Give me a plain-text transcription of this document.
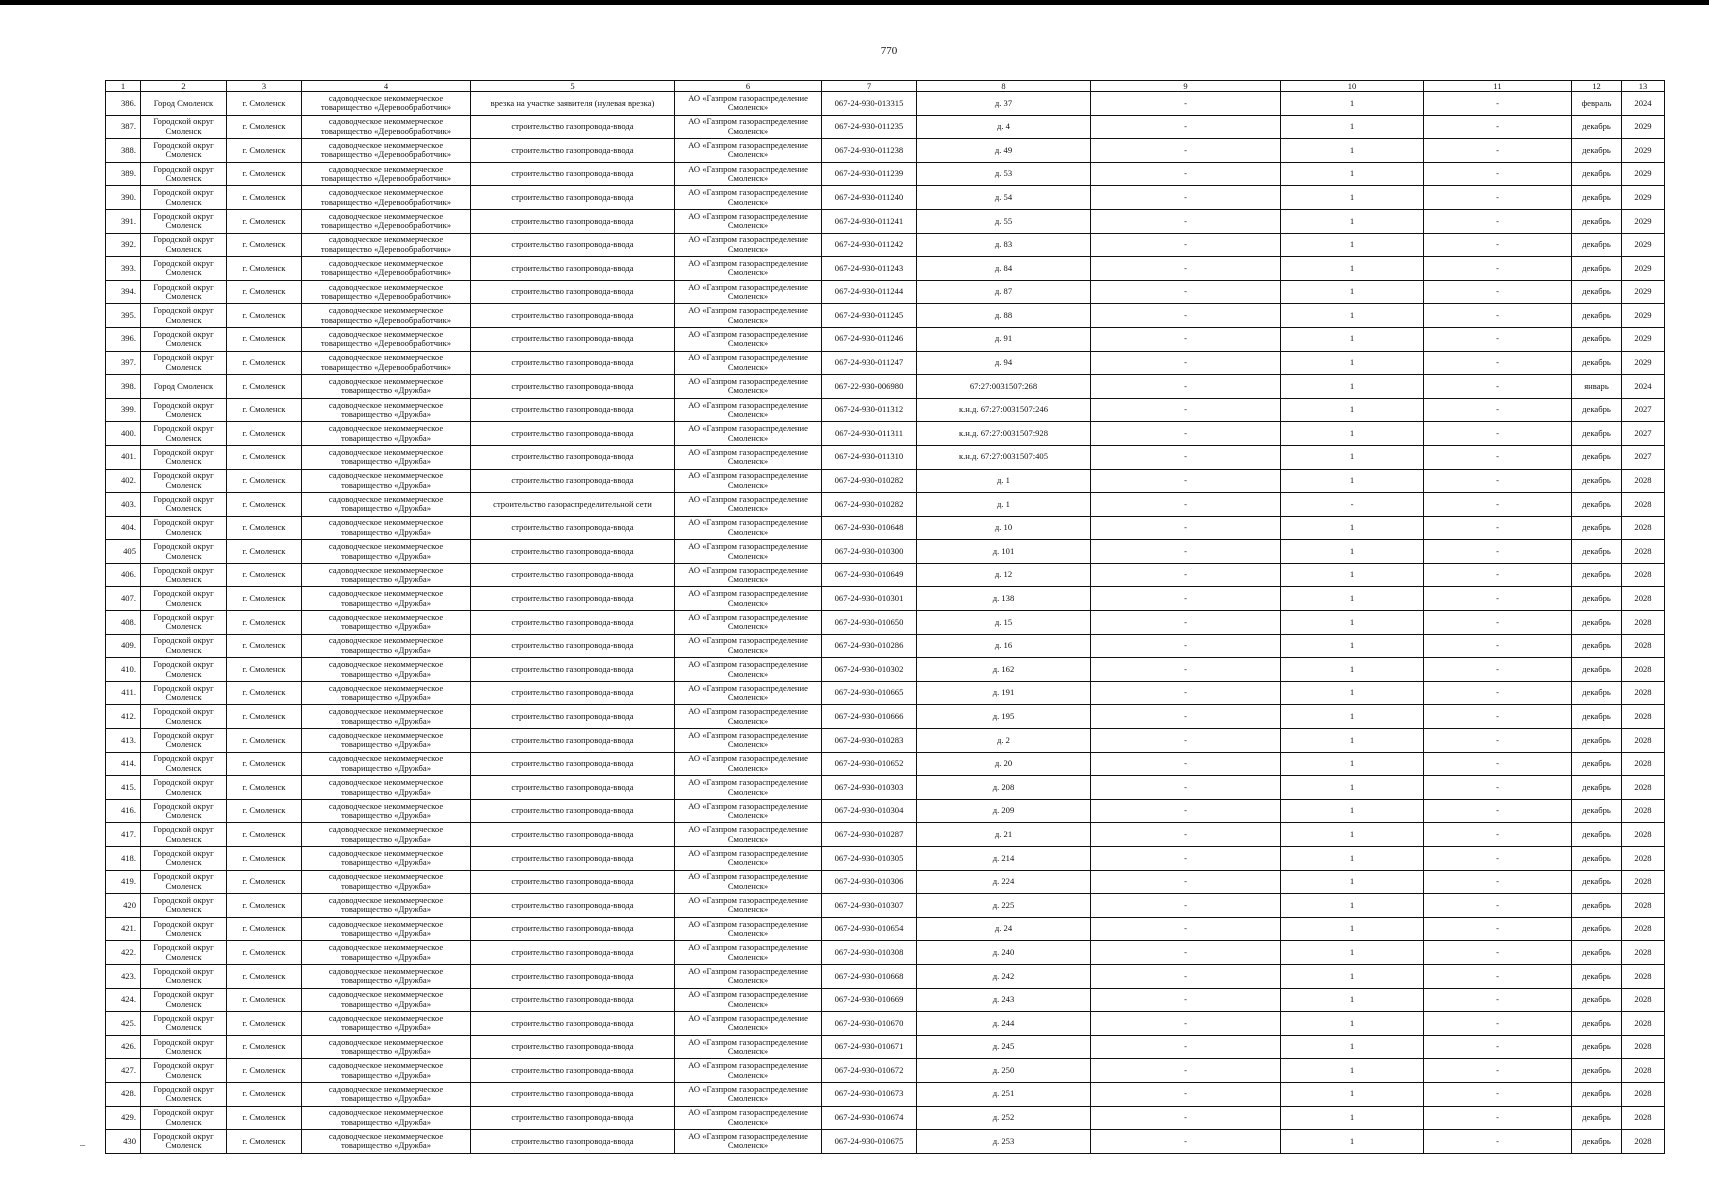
770
1	2	3	4	5	6	7	8	9	10	11	12	13
386.	Город Смоленск	г. Смоленск	садоводческое некоммерческое товарищество «Деревообработчик»	врезка на участке заявителя (нулевая врезка)	АО «Газпром газораспределение Смоленск»	067-24-930-013315	д. 37	-	1	-	февраль	2024
387.	Городской округ Смоленск	г. Смоленск	садоводческое некоммерческое товарищество «Деревообработчик»	строительство газопровода-ввода	АО «Газпром газораспределение Смоленск»	067-24-930-011235	д. 4	-	1	-	декабрь	2029
388.	Городской округ Смоленск	г. Смоленск	садоводческое некоммерческое товарищество «Деревообработчик»	строительство газопровода-ввода	АО «Газпром газораспределение Смоленск»	067-24-930-011238	д. 49	-	1	-	декабрь	2029
389.	Городской округ Смоленск	г. Смоленск	садоводческое некоммерческое товарищество «Деревообработчик»	строительство газопровода-ввода	АО «Газпром газораспределение Смоленск»	067-24-930-011239	д. 53	-	1	-	декабрь	2029
390.	Городской округ Смоленск	г. Смоленск	садоводческое некоммерческое товарищество «Деревообработчик»	строительство газопровода-ввода	АО «Газпром газораспределение Смоленск»	067-24-930-011240	д. 54	-	1	-	декабрь	2029
391.	Городской округ Смоленск	г. Смоленск	садоводческое некоммерческое товарищество «Деревообработчик»	строительство газопровода-ввода	АО «Газпром газораспределение Смоленск»	067-24-930-011241	д. 55	-	1	-	декабрь	2029
392.	Городской округ Смоленск	г. Смоленск	садоводческое некоммерческое товарищество «Деревообработчик»	строительство газопровода-ввода	АО «Газпром газораспределение Смоленск»	067-24-930-011242	д. 83	-	1	-	декабрь	2029
393.	Городской округ Смоленск	г. Смоленск	садоводческое некоммерческое товарищество «Деревообработчик»	строительство газопровода-ввода	АО «Газпром газораспределение Смоленск»	067-24-930-011243	д. 84	-	1	-	декабрь	2029
394.	Городской округ Смоленск	г. Смоленск	садоводческое некоммерческое товарищество «Деревообработчик»	строительство газопровода-ввода	АО «Газпром газораспределение Смоленск»	067-24-930-011244	д. 87	-	1	-	декабрь	2029
395.	Городской округ Смоленск	г. Смоленск	садоводческое некоммерческое товарищество «Деревообработчик»	строительство газопровода-ввода	АО «Газпром газораспределение Смоленск»	067-24-930-011245	д. 88	-	1	-	декабрь	2029
396.	Городской округ Смоленск	г. Смоленск	садоводческое некоммерческое товарищество «Деревообработчик»	строительство газопровода-ввода	АО «Газпром газораспределение Смоленск»	067-24-930-011246	д. 91	-	1	-	декабрь	2029
397.	Городской округ Смоленск	г. Смоленск	садоводческое некоммерческое товарищество «Деревообработчик»	строительство газопровода-ввода	АО «Газпром газораспределение Смоленск»	067-24-930-011247	д. 94	-	1	-	декабрь	2029
398.	Город Смоленск	г. Смоленск	садоводческое некоммерческое товарищество «Дружба»	строительство газопровода-ввода	АО «Газпром газораспределение Смоленск»	067-22-930-006980	67:27:0031507:268	-	1	-	январь	2024
399.	Городской округ Смоленск	г. Смоленск	садоводческое некоммерческое товарищество «Дружба»	строительство газопровода-ввода	АО «Газпром газораспределение Смоленск»	067-24-930-011312	к.н.д. 67:27:0031507:246	-	1	-	декабрь	2027
400.	Городской округ Смоленск	г. Смоленск	садоводческое некоммерческое товарищество «Дружба»	строительство газопровода-ввода	АО «Газпром газораспределение Смоленск»	067-24-930-011311	к.н.д. 67:27:0031507:928	-	1	-	декабрь	2027
401.	Городской округ Смоленск	г. Смоленск	садоводческое некоммерческое товарищество «Дружба»	строительство газопровода-ввода	АО «Газпром газораспределение Смоленск»	067-24-930-011310	к.н.д. 67:27:0031507:405	-	1	-	декабрь	2027
402.	Городской округ Смоленск	г. Смоленск	садоводческое некоммерческое товарищество «Дружба»	строительство газопровода-ввода	АО «Газпром газораспределение Смоленск»	067-24-930-010282	д. 1	-	1	-	декабрь	2028
403.	Городской округ Смоленск	г. Смоленск	садоводческое некоммерческое товарищество «Дружба»	строительство газораспределительной сети	АО «Газпром газораспределение Смоленск»	067-24-930-010282	д. 1	-	-	-	декабрь	2028
404.	Городской округ Смоленск	г. Смоленск	садоводческое некоммерческое товарищество «Дружба»	строительство газопровода-ввода	АО «Газпром газораспределение Смоленск»	067-24-930-010648	д. 10	-	1	-	декабрь	2028
405	Городской округ Смоленск	г. Смоленск	садоводческое некоммерческое товарищество «Дружба»	строительство газопровода-ввода	АО «Газпром газораспределение Смоленск»	067-24-930-010300	д. 101	-	1	-	декабрь	2028
406.	Городской округ Смоленск	г. Смоленск	садоводческое некоммерческое товарищество «Дружба»	строительство газопровода-ввода	АО «Газпром газораспределение Смоленск»	067-24-930-010649	д. 12	-	1	-	декабрь	2028
407.	Городской округ Смоленск	г. Смоленск	садоводческое некоммерческое товарищество «Дружба»	строительство газопровода-ввода	АО «Газпром газораспределение Смоленск»	067-24-930-010301	д. 138	-	1	-	декабрь	2028
408.	Городской округ Смоленск	г. Смоленск	садоводческое некоммерческое товарищество «Дружба»	строительство газопровода-ввода	АО «Газпром газораспределение Смоленск»	067-24-930-010650	д. 15	-	1	-	декабрь	2028
409.	Городской округ Смоленск	г. Смоленск	садоводческое некоммерческое товарищество «Дружба»	строительство газопровода-ввода	АО «Газпром газораспределение Смоленск»	067-24-930-010286	д. 16	-	1	-	декабрь	2028
410.	Городской округ Смоленск	г. Смоленск	садоводческое некоммерческое товарищество «Дружба»	строительство газопровода-ввода	АО «Газпром газораспределение Смоленск»	067-24-930-010302	д. 162	-	1	-	декабрь	2028
411.	Городской округ Смоленск	г. Смоленск	садоводческое некоммерческое товарищество «Дружба»	строительство газопровода-ввода	АО «Газпром газораспределение Смоленск»	067-24-930-010665	д. 191	-	1	-	декабрь	2028
412.	Городской округ Смоленск	г. Смоленск	садоводческое некоммерческое товарищество «Дружба»	строительство газопровода-ввода	АО «Газпром газораспределение Смоленск»	067-24-930-010666	д. 195	-	1	-	декабрь	2028
413.	Городской округ Смоленск	г. Смоленск	садоводческое некоммерческое товарищество «Дружба»	строительство газопровода-ввода	АО «Газпром газораспределение Смоленск»	067-24-930-010283	д. 2	-	1	-	декабрь	2028
414.	Городской округ Смоленск	г. Смоленск	садоводческое некоммерческое товарищество «Дружба»	строительство газопровода-ввода	АО «Газпром газораспределение Смоленск»	067-24-930-010652	д. 20	-	1	-	декабрь	2028
415.	Городской округ Смоленск	г. Смоленск	садоводческое некоммерческое товарищество «Дружба»	строительство газопровода-ввода	АО «Газпром газораспределение Смоленск»	067-24-930-010303	д. 208	-	1	-	декабрь	2028
416.	Городской округ Смоленск	г. Смоленск	садоводческое некоммерческое товарищество «Дружба»	строительство газопровода-ввода	АО «Газпром газораспределение Смоленск»	067-24-930-010304	д. 209	-	1	-	декабрь	2028
417.	Городской округ Смоленск	г. Смоленск	садоводческое некоммерческое товарищество «Дружба»	строительство газопровода-ввода	АО «Газпром газораспределение Смоленск»	067-24-930-010287	д. 21	-	1	-	декабрь	2028
418.	Городской округ Смоленск	г. Смоленск	садоводческое некоммерческое товарищество «Дружба»	строительство газопровода-ввода	АО «Газпром газораспределение Смоленск»	067-24-930-010305	д. 214	-	1	-	декабрь	2028
419.	Городской округ Смоленск	г. Смоленск	садоводческое некоммерческое товарищество «Дружба»	строительство газопровода-ввода	АО «Газпром газораспределение Смоленск»	067-24-930-010306	д. 224	-	1	-	декабрь	2028
420	Городской округ Смоленск	г. Смоленск	садоводческое некоммерческое товарищество «Дружба»	строительство газопровода-ввода	АО «Газпром газораспределение Смоленск»	067-24-930-010307	д. 225	-	1	-	декабрь	2028
421.	Городской округ Смоленск	г. Смоленск	садоводческое некоммерческое товарищество «Дружба»	строительство газопровода-ввода	АО «Газпром газораспределение Смоленск»	067-24-930-010654	д. 24	-	1	-	декабрь	2028
422.	Городской округ Смоленск	г. Смоленск	садоводческое некоммерческое товарищество «Дружба»	строительство газопровода-ввода	АО «Газпром газораспределение Смоленск»	067-24-930-010308	д. 240	-	1	-	декабрь	2028
423.	Городской округ Смоленск	г. Смоленск	садоводческое некоммерческое товарищество «Дружба»	строительство газопровода-ввода	АО «Газпром газораспределение Смоленск»	067-24-930-010668	д. 242	-	1	-	декабрь	2028
424.	Городской округ Смоленск	г. Смоленск	садоводческое некоммерческое товарищество «Дружба»	строительство газопровода-ввода	АО «Газпром газораспределение Смоленск»	067-24-930-010669	д. 243	-	1	-	декабрь	2028
425.	Городской округ Смоленск	г. Смоленск	садоводческое некоммерческое товарищество «Дружба»	строительство газопровода-ввода	АО «Газпром газораспределение Смоленск»	067-24-930-010670	д. 244	-	1	-	декабрь	2028
426.	Городской округ Смоленск	г. Смоленск	садоводческое некоммерческое товарищество «Дружба»	строительство газопровода-ввода	АО «Газпром газораспределение Смоленск»	067-24-930-010671	д. 245	-	1	-	декабрь	2028
427.	Городской округ Смоленск	г. Смоленск	садоводческое некоммерческое товарищество «Дружба»	строительство газопровода-ввода	АО «Газпром газораспределение Смоленск»	067-24-930-010672	д. 250	-	1	-	декабрь	2028
428.	Городской округ Смоленск	г. Смоленск	садоводческое некоммерческое товарищество «Дружба»	строительство газопровода-ввода	АО «Газпром газораспределение Смоленск»	067-24-930-010673	д. 251	-	1	-	декабрь	2028
429.	Городской округ Смоленск	г. Смоленск	садоводческое некоммерческое товарищество «Дружба»	строительство газопровода-ввода	АО «Газпром газораспределение Смоленск»	067-24-930-010674	д. 252	-	1	-	декабрь	2028
430	Городской округ Смоленск	г. Смоленск	садоводческое некоммерческое товарищество «Дружба»	строительство газопровода-ввода	АО «Газпром газораспределение Смоленск»	067-24-930-010675	д. 253	-	1	-	декабрь	2028
–
